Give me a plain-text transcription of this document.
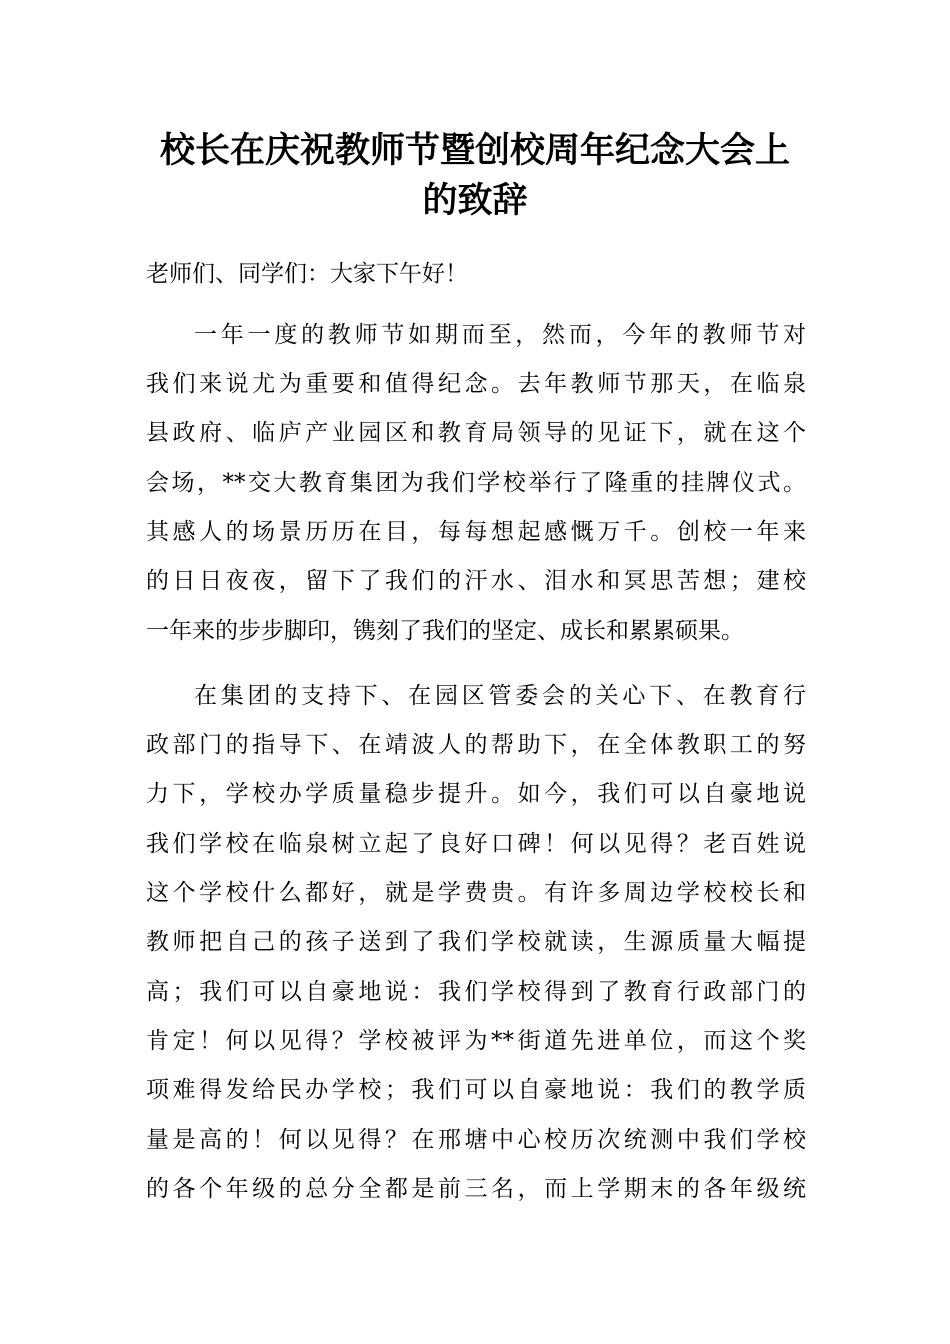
校长在庆祝教师节暨创校周年纪念大会上
的致辞
老师们、同学们：大家下午好！
一年一度的教师节如期而至，然而，今年的教师节对
我们来说尤为重要和值得纪念。去年教师节那天，在临泉
县政府、临庐产业园区和教育局领导的见证下，就在这个
会场，**交大教育集团为我们学校举行了隆重的挂牌仪式。
其感人的场景历历在目，每每想起感慨万千。创校一年来
的日日夜夜，留下了我们的汗水、泪水和冥思苦想；建校
一年来的步步脚印，镌刻了我们的坚定、成长和累累硕果。
在集团的支持下、在园区管委会的关心下、在教育行
政部门的指导下、在靖波人的帮助下，在全体教职工的努
力下，学校办学质量稳步提升。如今，我们可以自豪地说
我们学校在临泉树立起了良好口碑！何以见得？老百姓说
这个学校什么都好，就是学费贵。有许多周边学校校长和
教师把自己的孩子送到了我们学校就读，生源质量大幅提
高；我们可以自豪地说：我们学校得到了教育行政部门的
肯定！何以见得？学校被评为**街道先进单位，而这个奖
项难得发给民办学校；我们可以自豪地说：我们的教学质
量是高的！何以见得？在邢塘中心校历次统测中我们学校
的各个年级的总分全都是前三名，而上学期末的各年级统
